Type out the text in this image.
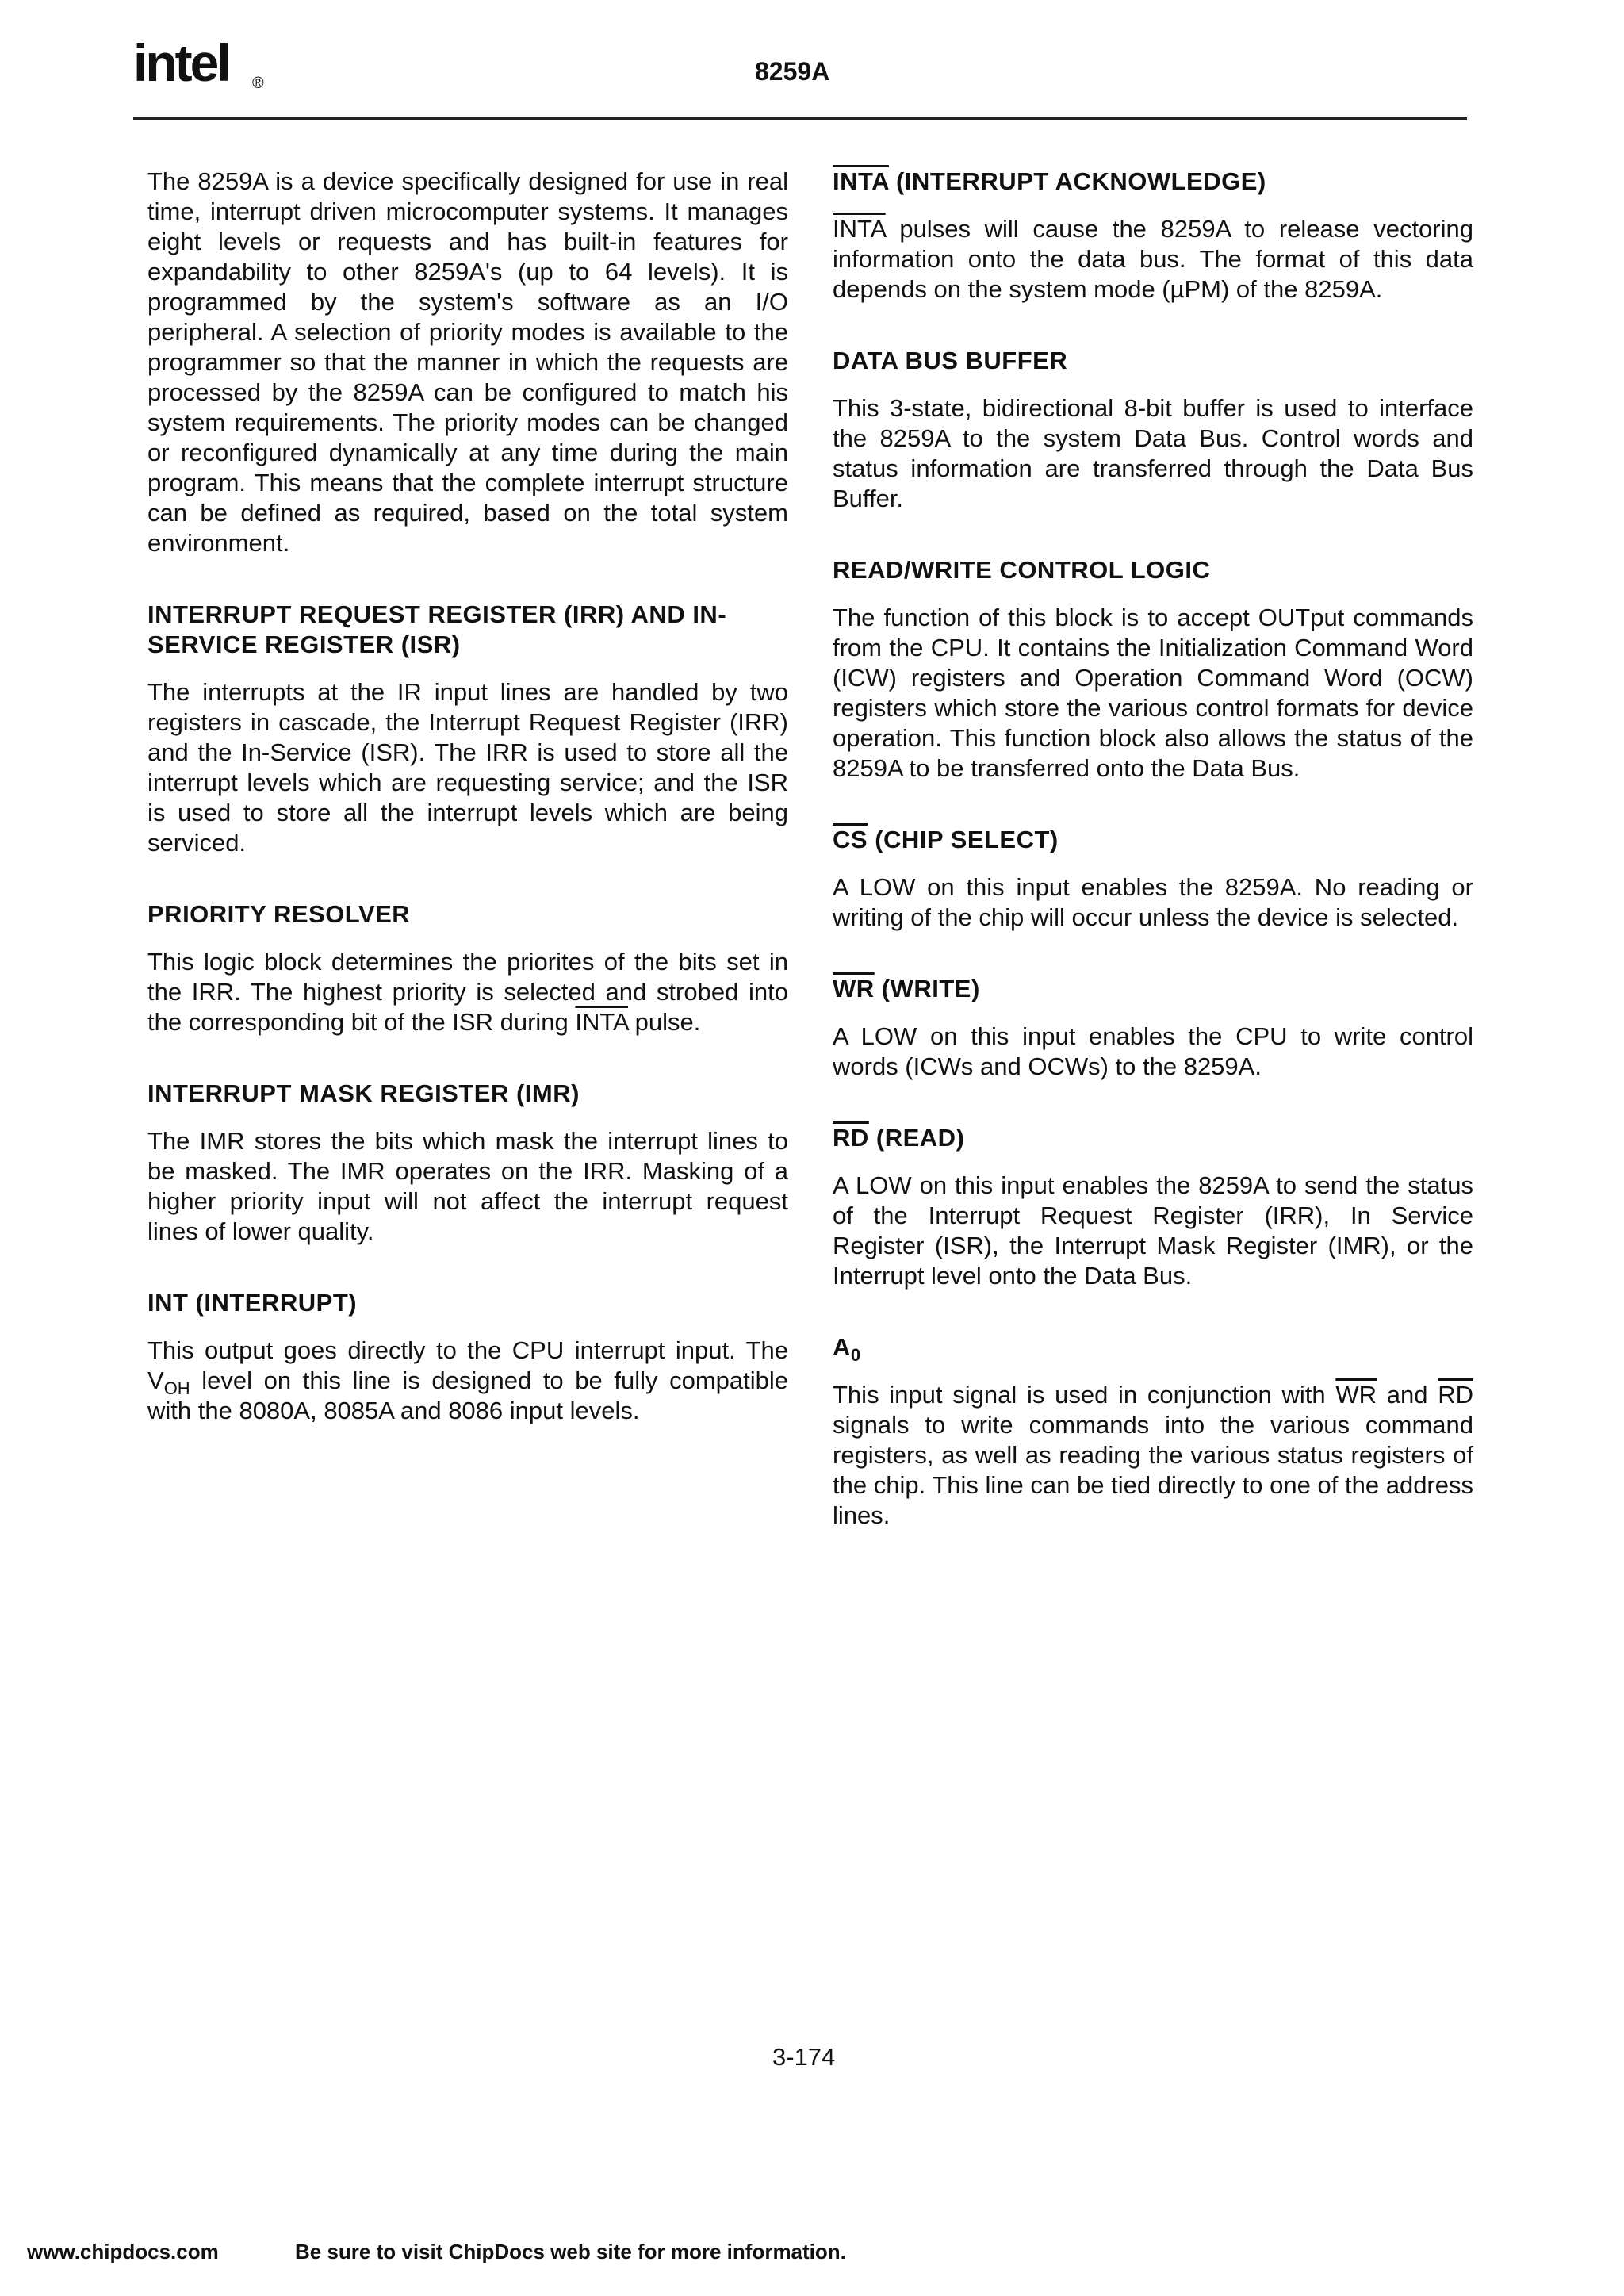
intel ®	8259A

The 8259A is a device specifically designed for use in real time, interrupt driven microcomputer systems. It manages eight levels or requests and has built-in features for expandability to other 8259A's (up to 64 levels). It is programmed by the system's software as an I/O peripheral. A selection of priority modes is available to the programmer so that the manner in which the requests are processed by the 8259A can be configured to match his system requirements. The priority modes can be changed or reconfigured dynamically at any time during the main program. This means that the complete interrupt structure can be defined as required, based on the total system environment.

INTERRUPT REQUEST REGISTER (IRR) AND IN-SERVICE REGISTER (ISR)

The interrupts at the IR input lines are handled by two registers in cascade, the Interrupt Request Register (IRR) and the In-Service (ISR). The IRR is used to store all the interrupt levels which are requesting service; and the ISR is used to store all the interrupt levels which are being serviced.

PRIORITY RESOLVER

This logic block determines the priorites of the bits set in the IRR. The highest priority is selected and strobed into the corresponding bit of the ISR during INTA pulse.

INTERRUPT MASK REGISTER (IMR)

The IMR stores the bits which mask the interrupt lines to be masked. The IMR operates on the IRR. Masking of a higher priority input will not affect the interrupt request lines of lower quality.

INT (INTERRUPT)

This output goes directly to the CPU interrupt input. The $V_{OH}$ level on this line is designed to be fully compatible with the 8080A, 8085A and 8086 input levels.

INTA (INTERRUPT ACKNOWLEDGE)

INTA pulses will cause the 8259A to release vectoring information onto the data bus. The format of this data depends on the system mode (µPM) of the 8259A.

DATA BUS BUFFER

This 3-state, bidirectional 8-bit buffer is used to interface the 8259A to the system Data Bus. Control words and status information are transferred through the Data Bus Buffer.

READ/WRITE CONTROL LOGIC

The function of this block is to accept OUTput commands from the CPU. It contains the Initialization Command Word (ICW) registers and Operation Command Word (OCW) registers which store the various control formats for device operation. This function block also allows the status of the 8259A to be transferred onto the Data Bus.

CS (CHIP SELECT)

A LOW on this input enables the 8259A. No reading or writing of the chip will occur unless the device is selected.

WR (WRITE)

A LOW on this input enables the CPU to write control words (ICWs and OCWs) to the 8259A.

RD (READ)

A LOW on this input enables the 8259A to send the status of the Interrupt Request Register (IRR), In Service Register (ISR), the Interrupt Mask Register (IMR), or the Interrupt level onto the Data Bus.

$A_0$

This input signal is used in conjunction with $\overline{WR}$ and $\overline{RD}$ signals to write commands into the various command registers, as well as reading the various status registers of the chip. This line can be tied directly to one of the address lines.

3-174
www.chipdocs.com	Be sure to visit ChipDocs web site for more information.
